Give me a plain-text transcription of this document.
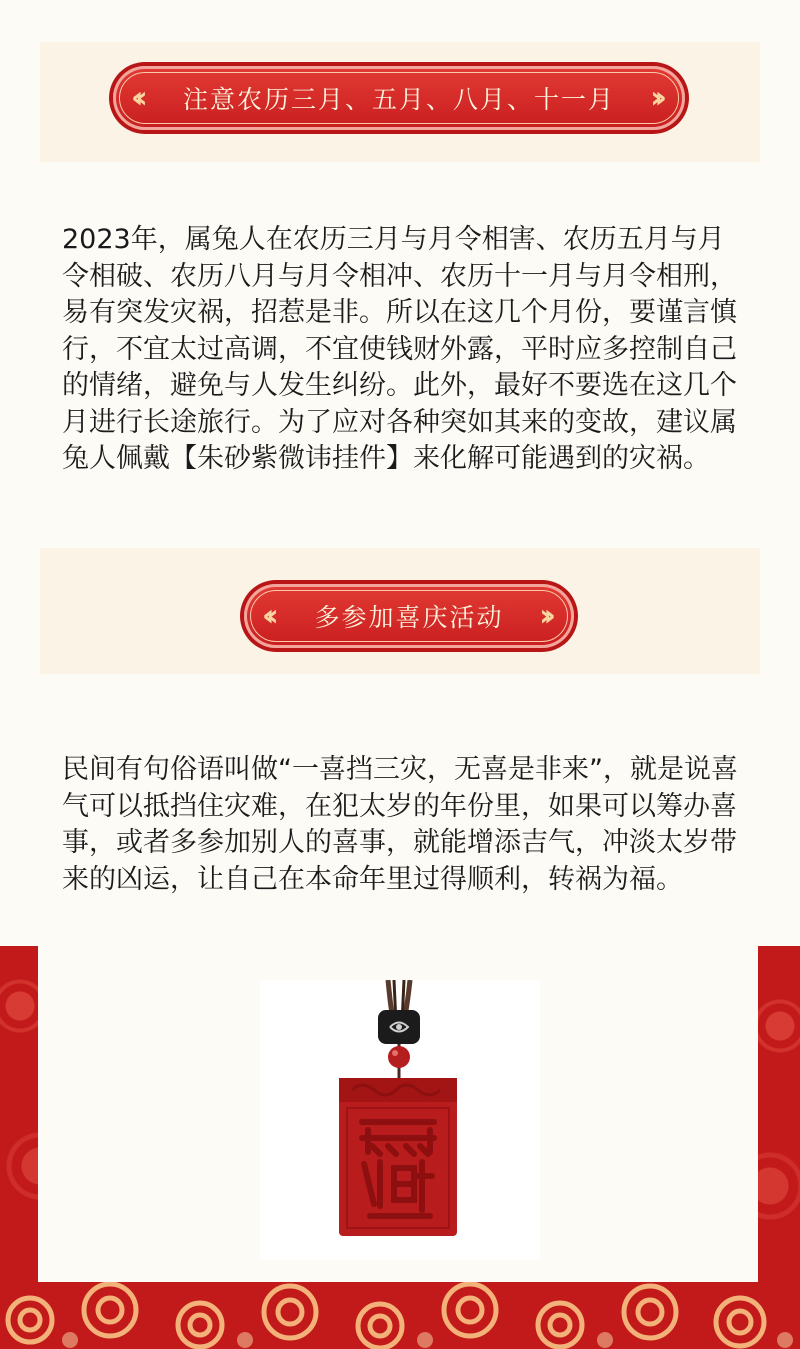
‹‹ 注意农历三月、五月、八月、十一月 ››

2023年，属兔人在农历三月与月令相害、农历五月与月令相破、农历八月与月令相冲、农历十一月与月令相刑，易有突发灾祸，招惹是非。所以在这几个月份，要谨言慎行，不宜太过高调，不宜使钱财外露，平时应多控制自己的情绪，避免与人发生纠纷。此外，最好不要选在这几个月进行长途旅行。为了应对各种突如其来的变故，建议属兔人佩戴【朱砂紫微讳挂件】来化解可能遇到的灾祸。

‹‹ 多参加喜庆活动 ››

民间有句俗语叫做“一喜挡三灾，无喜是非来”，就是说喜气可以抵挡住灾难，在犯太岁的年份里，如果可以筹办喜事，或者多参加别人的喜事，就能增添吉气，冲淡太岁带来的凶运，让自己在本命年里过得顺利，转祸为福。
